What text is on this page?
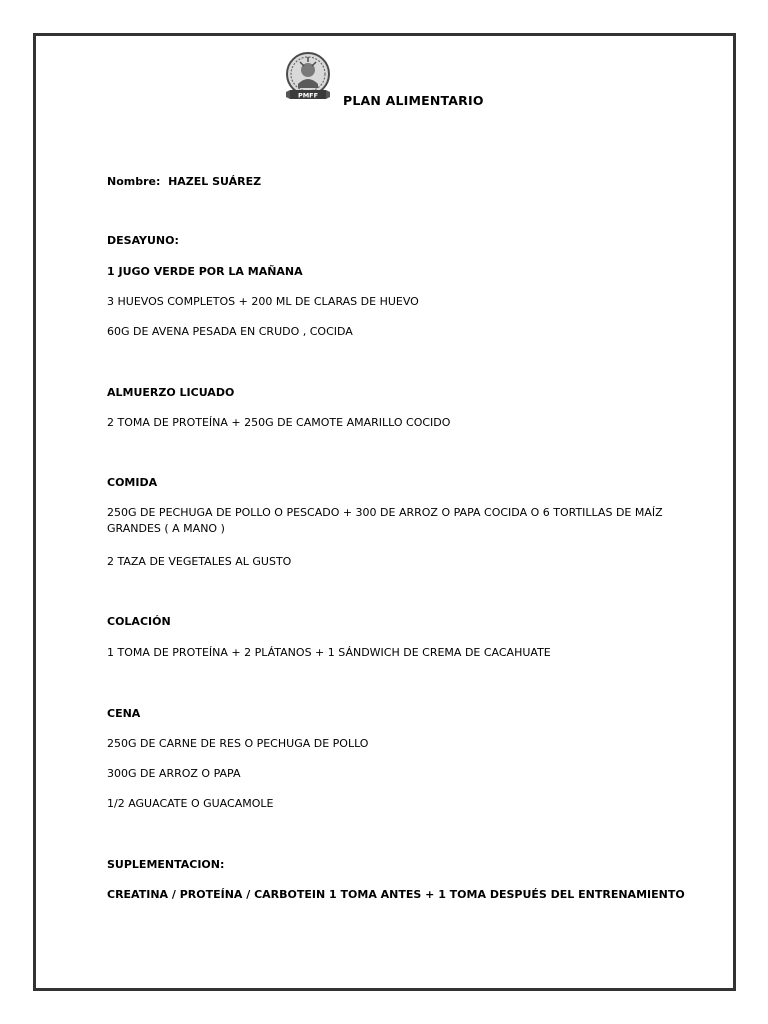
PMFF PLAN ALIMENTARIO
Nombre: HAZEL SUÁREZ
DESAYUNO:
1 JUGO VERDE POR LA MAÑANA
3 HUEVOS COMPLETOS + 200 ML DE CLARAS DE HUEVO
60G DE AVENA PESADA EN CRUDO , COCIDA
ALMUERZO LICUADO
2 TOMA DE PROTEÍNA + 250G DE CAMOTE AMARILLO COCIDO
COMIDA
250G DE PECHUGA DE POLLO O PESCADO + 300 DE ARROZ O PAPA COCIDA O 6 TORTILLAS DE MAÍZ GRANDES ( A MANO )
2 TAZA DE VEGETALES AL GUSTO
COLACIÓN
1 TOMA DE PROTEÍNA + 2 PLÁTANOS + 1 SÁNDWICH DE CREMA DE CACAHUATE
CENA
250G DE CARNE DE RES O PECHUGA DE POLLO
300G DE ARROZ O PAPA
1/2 AGUACATE O GUACAMOLE
SUPLEMENTACION:
CREATINA / PROTEÍNA / CARBOTEIN 1 TOMA ANTES + 1 TOMA DESPUÉS DEL ENTRENAMIENTO
